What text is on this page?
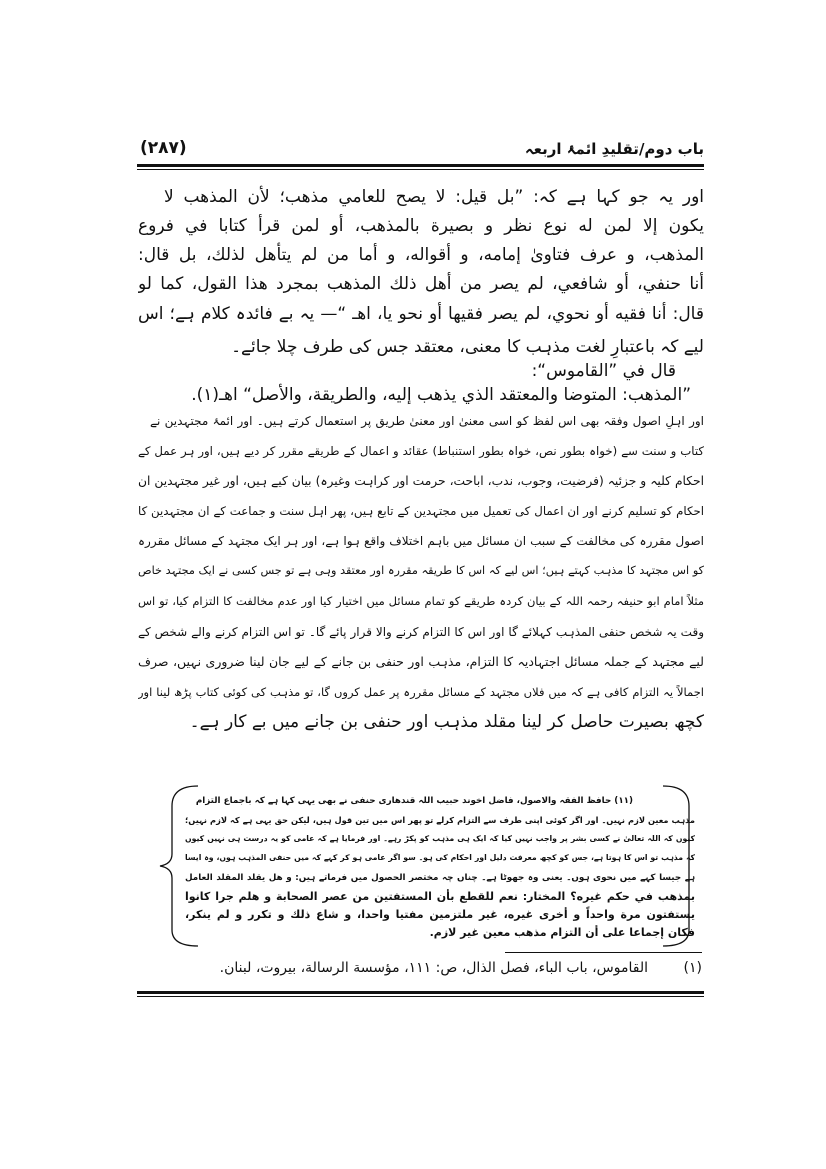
باب دوم/تقلیدِ ائمۂ اربعہ
(۲۸۷)
اور یہ جو کہا ہے کہ: ”بل قیل: لا یصح للعامي مذهب؛ لأن المذهب لا
يكون إلا لمن له نوع نظر و بصيرة بالمذهب، أو لمن قرأ كتابا في فروع
المذهب، و عرف فتاوىٰ إمامه، و أقواله، و أما من لم يتأهل لذلك، بل قال:
أنا حنفي، أو شافعي، لم يصر من أهل ذلك المذهب بمجرد هذا القول، كما لو
قال: أنا فقيه أو نحوي، لم يصر فقيها أو نحو يا، اهـ “— یہ بے فائدہ کلام ہے؛ اس
لیے کہ باعتبارِ لغت مذہب کا معنی، معتقد جس کی طرف چلا جائے۔
قال في ”القاموس“:
”المذهب: المتوضا والمعتقد الذي يذهب إليه، والطريقة، والأصل“ اهـ(١).
اور اہلِ اصول وفقہ بھی اس لفظ کو اسی معنیٰ اور معنیٰ طریق پر استعمال کرتے ہیں۔ اور ائمۂ مجتہدین نے
کتاب و سنت سے (خواہ بطور نص، خواہ بطور استنباط) عقائد و اعمال کے طریقے مقرر کر دیے ہیں، اور ہر عمل کے
احکام کلیہ و جزئیہ (فرضیت، وجوب، ندب، اباحت، حرمت اور کراہت وغیرہ) بیان کیے ہیں، اور غیر مجتہدین ان
احکام کو تسلیم کرنے اور ان اعمال کی تعمیل میں مجتہدین کے تابع ہیں، پھر اہل سنت و جماعت کے ان مجتہدین کا
اصول مقررہ کی مخالفت کے سبب ان مسائل میں باہم اختلاف واقع ہوا ہے، اور ہر ایک مجتہد کے مسائل مقررہ
کو اس مجتہد کا مذہب کہتے ہیں؛ اس لیے کہ اس کا طریقہ مقررہ اور معتقد وہی ہے تو جس کسی نے ایک مجتہد خاص
مثلاً امام ابو حنیفہ رحمہ اللہ کے بیان کردہ طریقے کو تمام مسائل میں اختیار کیا اور عدم مخالفت کا التزام کیا، تو اس
وقت یہ شخص حنفی المذہب کہلائے گا اور اس کا التزام کرنے والا قرار پائے گا۔ تو اس التزام کرنے والے شخص کے
لیے مجتہد کے جملہ مسائل اجتہادیہ کا التزام، مذہب اور حنفی بن جانے کے لیے جان لینا ضروری نہیں، صرف
اجمالاً یہ التزام کافی ہے کہ میں فلاں مجتہد کے مسائل مقررہ پر عمل کروں گا، تو مذہب کی کوئی کتاب پڑھ لینا اور
کچھ بصیرت حاصل کر لینا مقلد مذہب اور حنفی بن جانے میں بے کار ہے۔
(۱۱) حافظ الفقہ والاصول، فاضل اخوند حبیب اللہ قندھاری حنفی نے بھی یہی کہا ہے کہ باجماع التزام
مذہب معین لازم نہیں۔ اور اگر کوئی اپنی طرف سے التزام کرلے تو پھر اس میں تین قول ہیں، لیکن حق یہی ہے کہ لازم نہیں؛
کیوں کہ اللہ تعالیٰ نے کسی بشر پر واجب نہیں کیا کہ ایک ہی مذہب کو پکڑ رہے۔ اور فرمایا ہے کہ عامی کو یہ درست ہی نہیں کیوں
کہ مذہب تو اس کا ہوتا ہے، جس کو کچھ معرفت دلیل اور احکام کی ہو۔ سو اگر عامی ہو کر کہے کہ میں حنفی المذہب ہوں، وہ ایسا
ہے جیسا کہے میں نحوی ہوں۔ یعنی وہ جھوٹا ہے۔ چناں چہ مختصر الحصول میں فرماتے ہیں: و هل يقلد المقلد العامل
بمذهب في حكم غيره؟ المختار: نعم للقطع بأن المستفتين من عصر الصحابة و هلم جرا كانوا
يستفتون مرة واحداً و أخرى غيره، غير ملتزمين مفتيا واحدا، و شاع ذلك و تكرر و لم ينكر،
فكان إجماعا على أن التزام مذهب معين غير لازم.
(١)
القاموس، باب الباء، فصل الذال، ص: ١١١، مؤسسة الرسالة، بيروت، لبنان.
